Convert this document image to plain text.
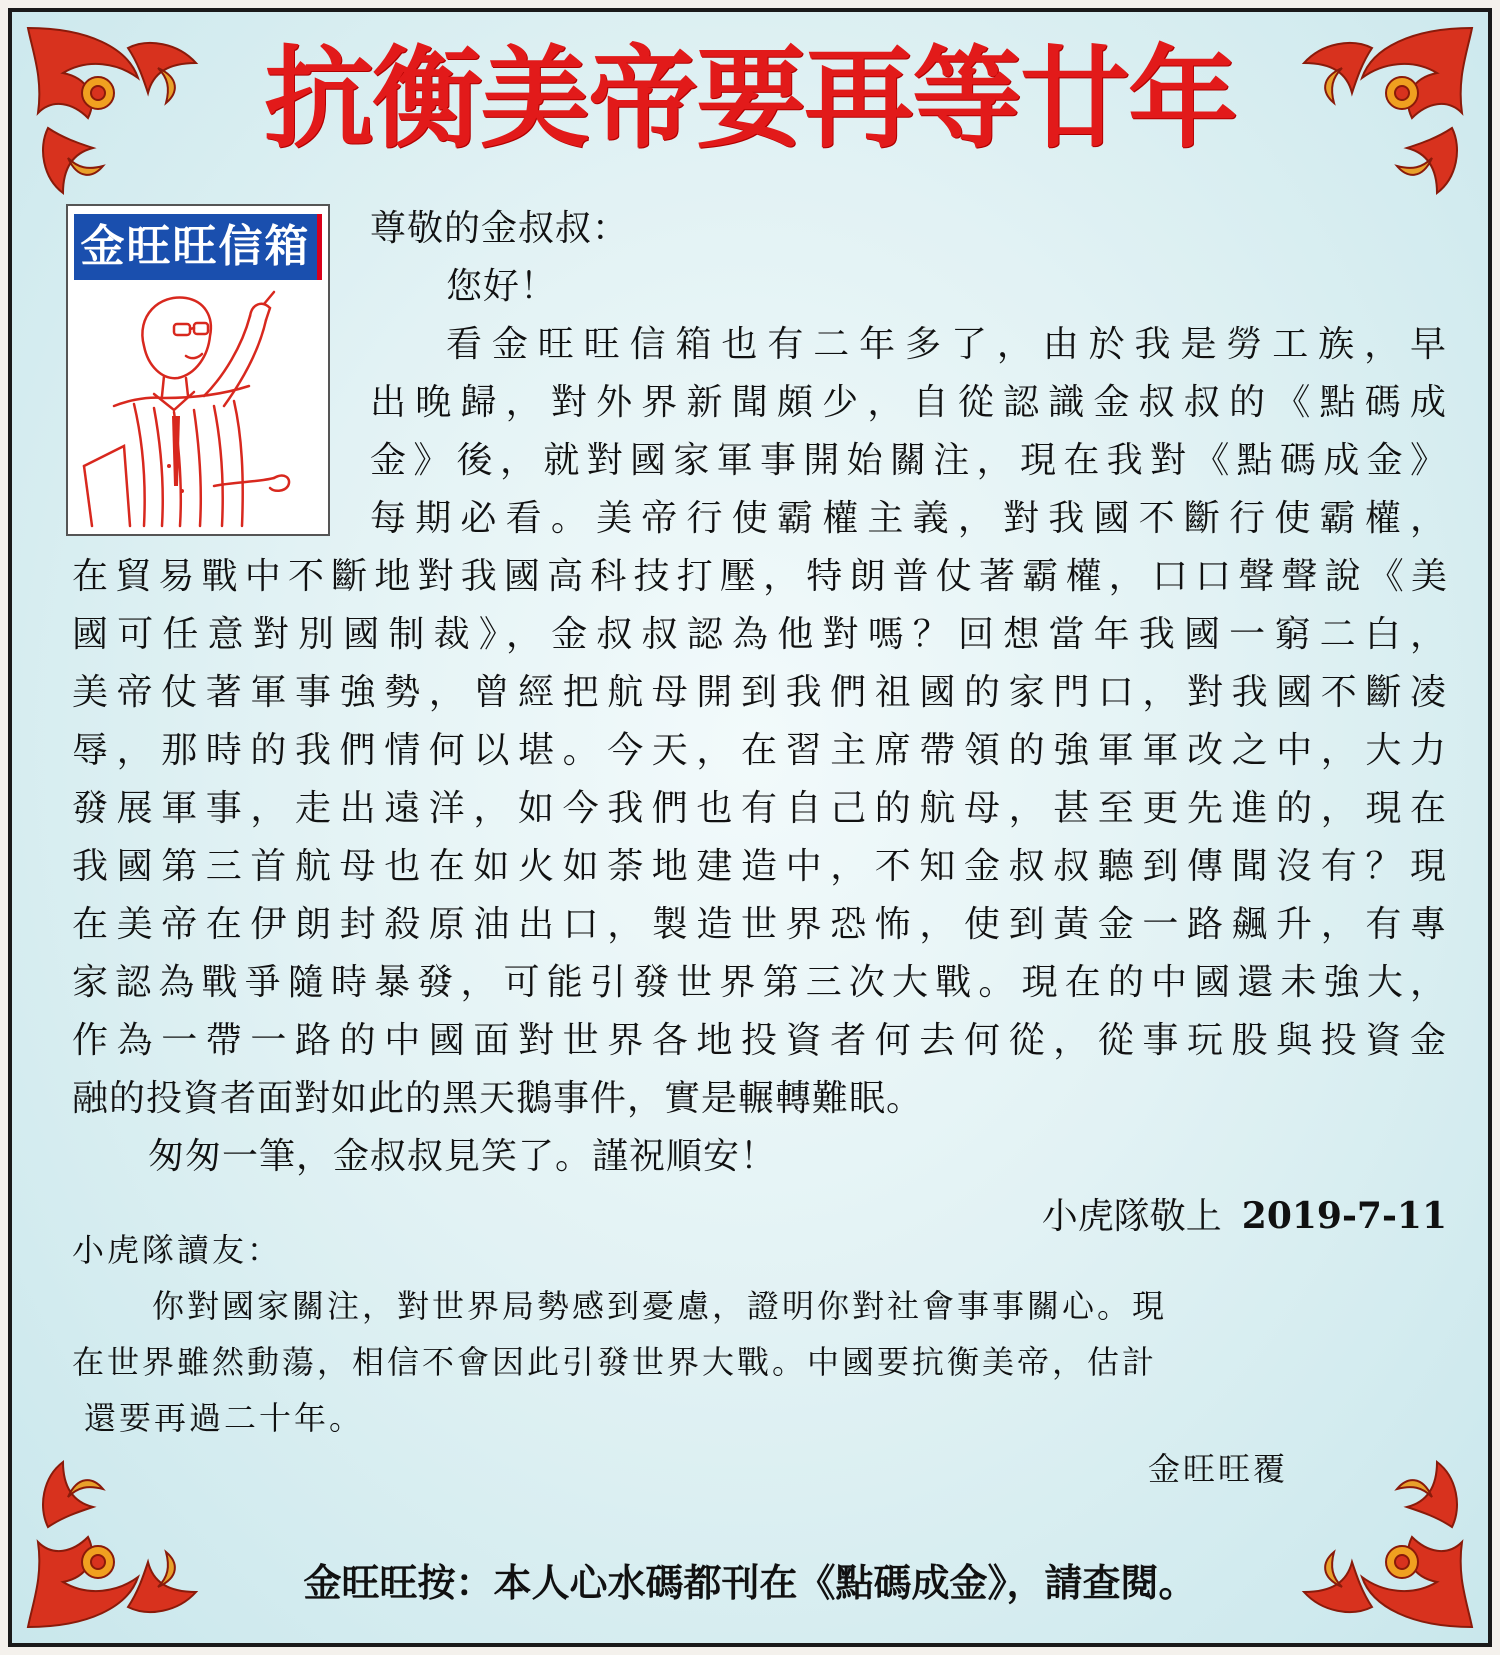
抗衡美帝要再等廿年
金旺旺信箱	尊敬的金叔叔：
您好！
看金旺旺信箱也有二年多了，由於我是勞工族，早
出晚歸，對外界新聞頗少，自從認識金叔叔的《點碼成
金》後，就對國家軍事開始關注，現在我對《點碼成金》
每期必看。美帝行使霸權主義，對我國不斷行使霸權，
在貿易戰中不斷地對我國高科技打壓，特朗普仗著霸權，口口聲聲說《美
國可任意對別國制裁》，金叔叔認為他對嗎？回想當年我國一窮二白，
美帝仗著軍事強勢，曾經把航母開到我們祖國的家門口，對我國不斷凌
辱，那時的我們情何以堪。今天，在習主席帶領的強軍軍改之中，大力
發展軍事，走出遠洋，如今我們也有自己的航母，甚至更先進的，現在
我國第三首航母也在如火如荼地建造中，不知金叔叔聽到傳聞沒有？現
在美帝在伊朗封殺原油出口，製造世界恐怖，使到黃金一路飆升，有專
家認為戰爭隨時暴發，可能引發世界第三次大戰。現在的中國還未強大，
作為一帶一路的中國面對世界各地投資者何去何從，從事玩股與投資金
融的投資者面對如此的黑天鵝事件，實是輾轉難眠。
匆匆一筆，金叔叔見笑了。謹祝順安！
小虎隊敬上 2019-7-11
小虎隊讀友：
你對國家關注，對世界局勢感到憂慮，證明你對社會事事關心。現
在世界雖然動蕩，相信不會因此引發世界大戰。中國要抗衡美帝，估計
還要再過二十年。
金旺旺覆
金旺旺按：本人心水碼都刊在《點碼成金》，請查閱。
